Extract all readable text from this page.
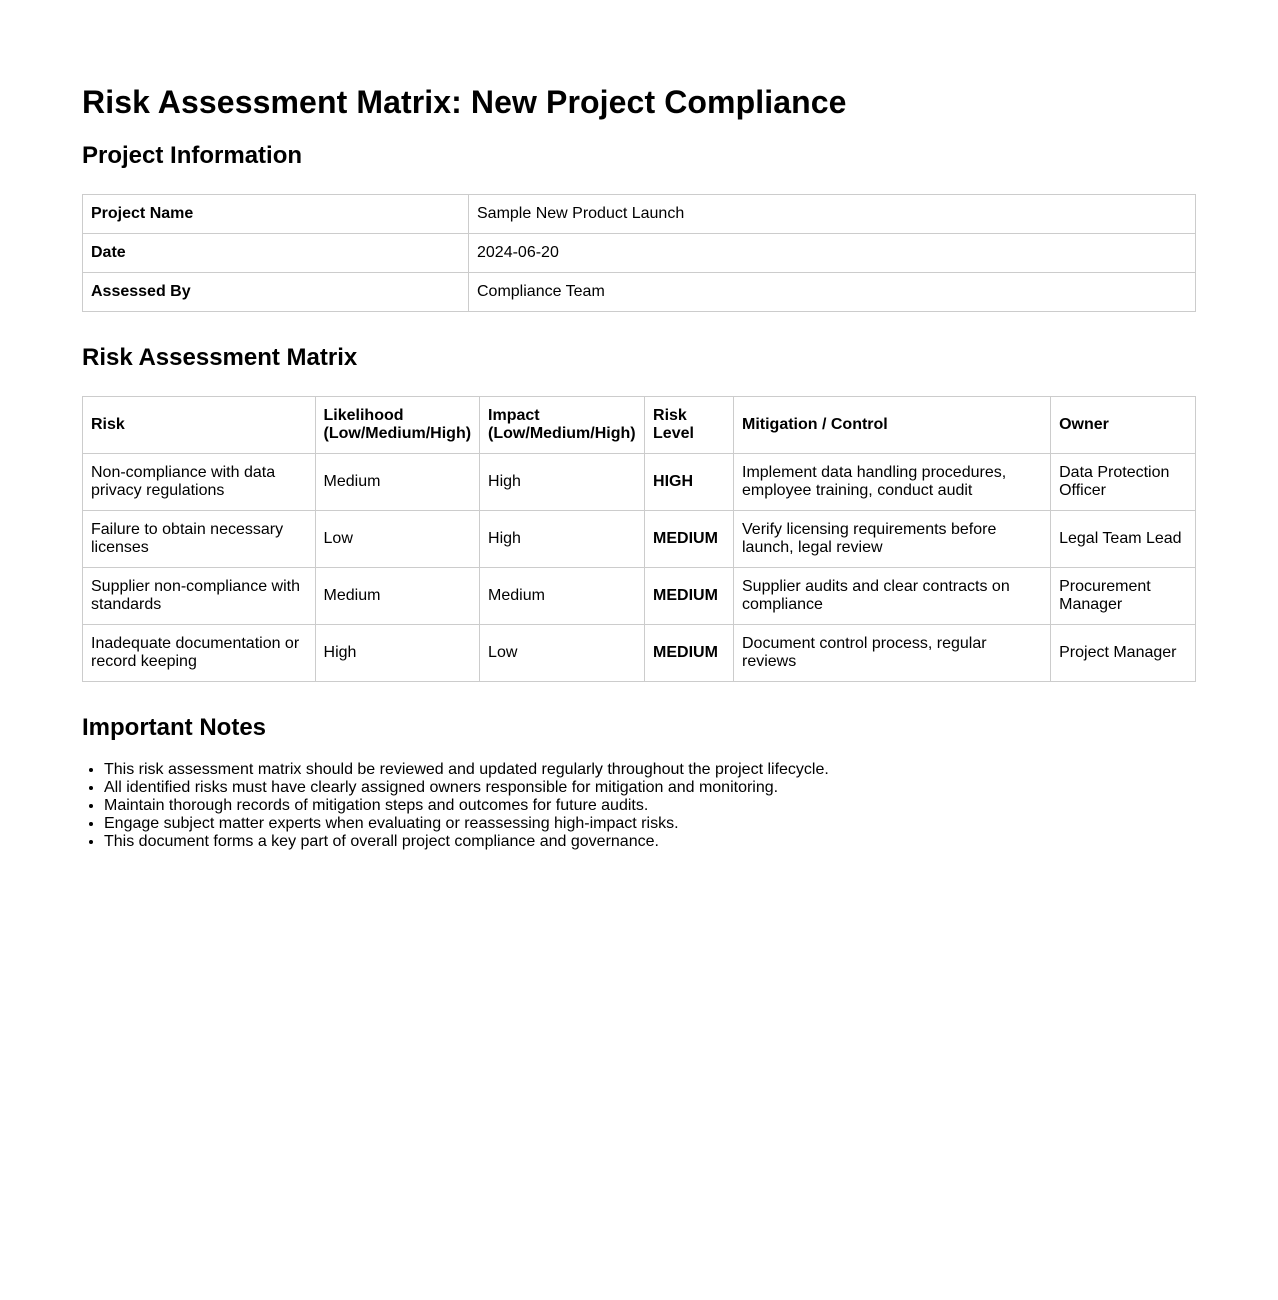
Risk Assessment Matrix: New Project Compliance
Project Information
Project Name	Sample New Product Launch
Date	2024-06-20
Assessed By	Compliance Team
Risk Assessment Matrix
Risk	Likelihood (Low/Medium/High)	Impact (Low/Medium/High)	Risk Level	Mitigation / Control	Owner
Non-compliance with data privacy regulations	Medium	High	HIGH	Implement data handling procedures, employee training, conduct audit	Data Protection Officer
Failure to obtain necessary licenses	Low	High	MEDIUM	Verify licensing requirements before launch, legal review	Legal Team Lead
Supplier non-compliance with standards	Medium	Medium	MEDIUM	Supplier audits and clear contracts on compliance	Procurement Manager
Inadequate documentation or record keeping	High	Low	MEDIUM	Document control process, regular reviews	Project Manager
Important Notes
• This risk assessment matrix should be reviewed and updated regularly throughout the project lifecycle.
• All identified risks must have clearly assigned owners responsible for mitigation and monitoring.
• Maintain thorough records of mitigation steps and outcomes for future audits.
• Engage subject matter experts when evaluating or reassessing high-impact risks.
• This document forms a key part of overall project compliance and governance.
